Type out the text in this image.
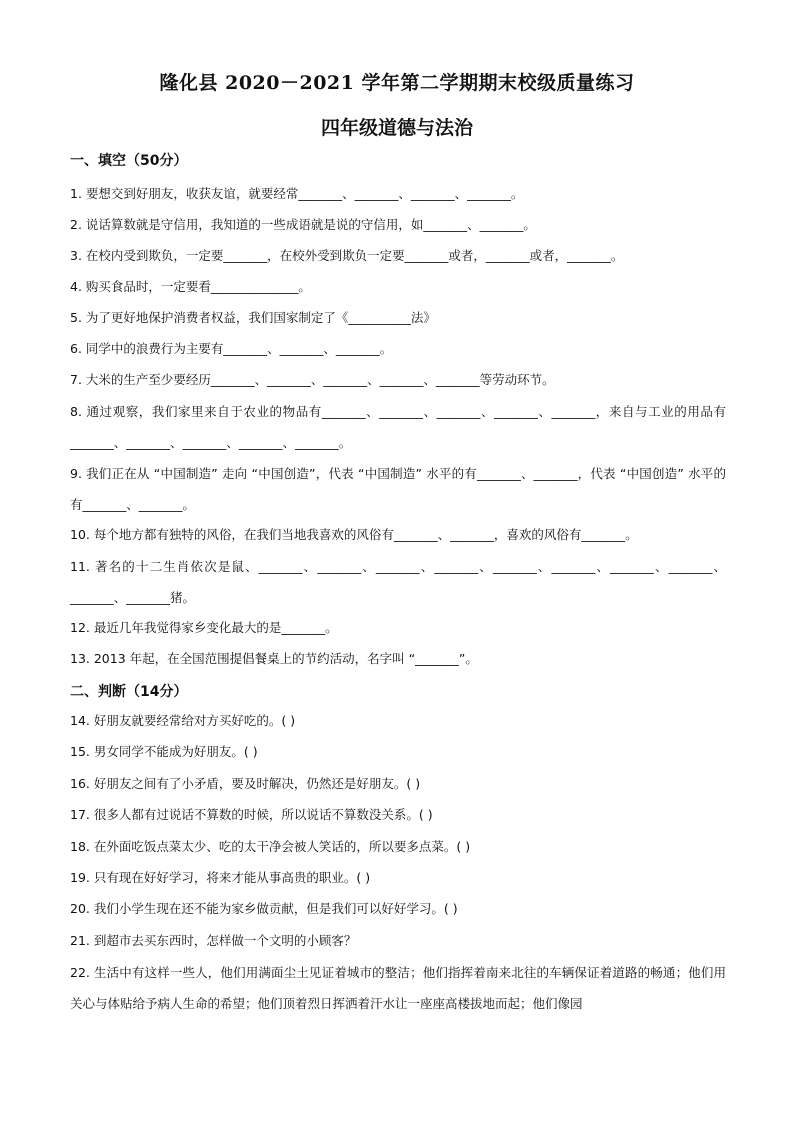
隆化县 2020－2021 学年第二学期期末校级质量练习
四年级道德与法治
一、填空（50分）
1. 要想交到好朋友，收获友谊，就要经常_______、_______、_______、_______。
2. 说话算数就是守信用，我知道的一些成语就是说的守信用，如_______、_______。
3. 在校内受到欺负，一定要_______，在校外受到欺负一定要_______或者，_______或者，_______。
4. 购买食品时，一定要看______________。
5. 为了更好地保护消费者权益，我们国家制定了《__________法》
6. 同学中的浪费行为主要有_______、_______、_______。
7. 大米的生产至少要经历_______、_______、_______、_______、_______等劳动环节。
8. 通过观察，我们家里来自于农业的物品有_______、_______、_______、_______、_______，来自与工业的用品有_______、_______、_______、_______、_______。
9. 我们正在从 “中国制造” 走向 “中国创造”，代表 “中国制造” 水平的有_______、_______，代表 “中国创造” 水平的有_______、_______。
10. 每个地方都有独特的风俗，在我们当地我喜欢的风俗有_______、_______，喜欢的风俗有_______。
11. 著名的十二生肖依次是鼠、_______、_______、_______、_______、_______、_______、_______、_______、_______、_______猪。
12. 最近几年我觉得家乡变化最大的是_______。
13. 2013 年起，在全国范围提倡餐桌上的节约活动，名字叫 “_______”。
二、判断（14分）
14. 好朋友就要经常给对方买好吃的。( )
15. 男女同学不能成为好朋友。( )
16. 好朋友之间有了小矛盾，要及时解决，仍然还是好朋友。( )
17. 很多人都有过说话不算数的时候，所以说话不算数没关系。( )
18. 在外面吃饭点菜太少、吃的太干净会被人笑话的，所以要多点菜。( )
19. 只有现在好好学习，将来才能从事高贵的职业。( )
20. 我们小学生现在还不能为家乡做贡献，但是我们可以好好学习。( )
21. 到超市去买东西时，怎样做一个文明的小顾客？
22. 生活中有这样一些人，他们用满面尘土见证着城市的整洁；他们指挥着南来北往的车辆保证着道路的畅通；他们用关心与体贴给予病人生命的希望；他们顶着烈日挥洒着汗水让一座座高楼拔地而起；他们像园
